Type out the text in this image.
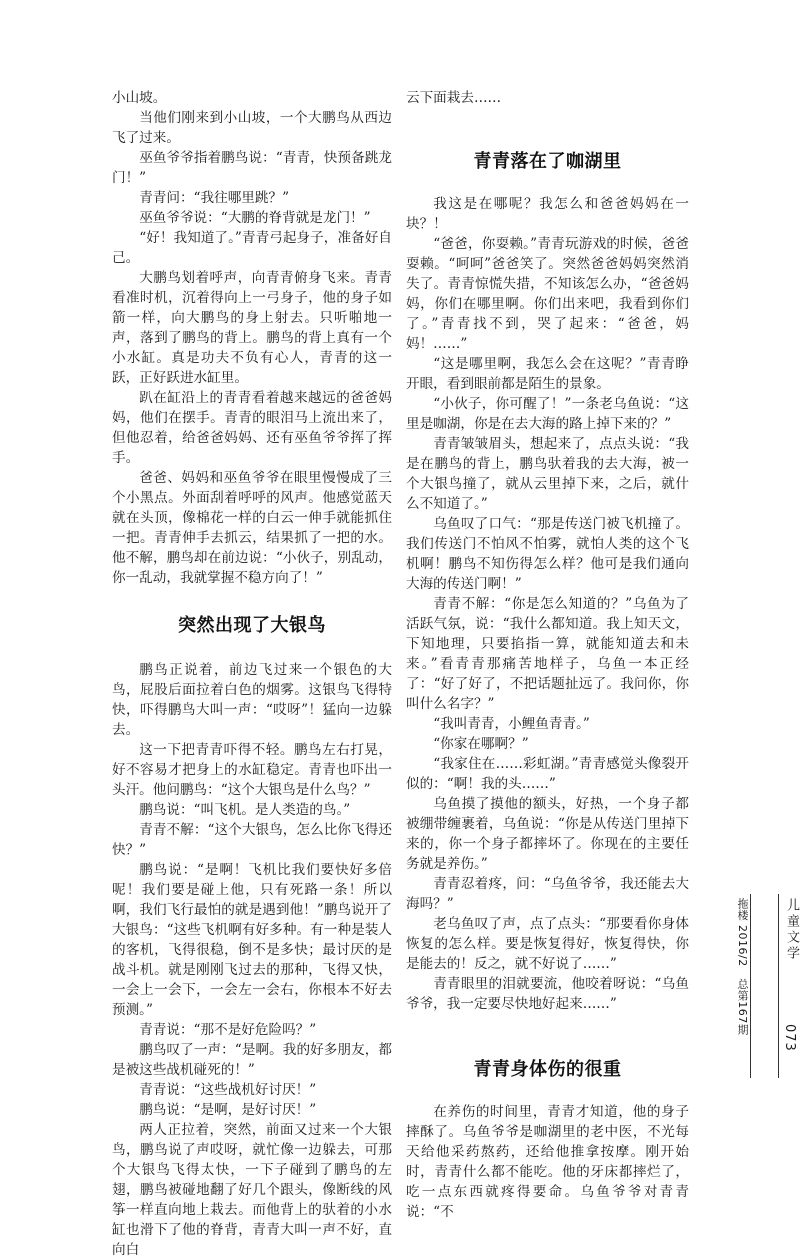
小山坡。

当他们刚来到小山坡，一个大鹏鸟从西边飞了过来。

巫鱼爷爷指着鹏鸟说：“青青，快预备跳龙门！”

青青问：“我往哪里跳？”

巫鱼爷爷说：“大鹏的脊背就是龙门！”

“好！我知道了。”青青弓起身子，准备好自己。

大鹏鸟划着呼声，向青青俯身飞来。青青看准时机，沉着得向上一弓身子，他的身子如箭一样，向大鹏鸟的身上射去。只听啪地一声，落到了鹏鸟的背上。鹏鸟的背上真有一个小水缸。真是功夫不负有心人，青青的这一跃，正好跃进水缸里。

趴在缸沿上的青青看着越来越远的爸爸妈妈，他们在摆手。青青的眼泪马上流出来了，但他忍着，给爸爸妈妈、还有巫鱼爷爷挥了挥手。

爸爸、妈妈和巫鱼爷爷在眼里慢慢成了三个小黑点。外面刮着呼呼的风声。他感觉蓝天就在头顶，像棉花一样的白云一伸手就能抓住一把。青青伸手去抓云，结果抓了一把的水。他不解，鹏鸟却在前边说：“小伙子，别乱动，你一乱动，我就掌握不稳方向了！”

突然出现了大银鸟

鹏鸟正说着，前边飞过来一个银色的大鸟，屁股后面拉着白色的烟雾。这银鸟飞得特快，吓得鹏鸟大叫一声：“哎呀”！猛向一边躲去。

这一下把青青吓得不轻。鹏鸟左右打晃，好不容易才把身上的水缸稳定。青青也吓出一头汗。他问鹏鸟：“这个大银鸟是什么鸟？”

鹏鸟说：“叫飞机。是人类造的鸟。”

青青不解：“这个大银鸟，怎么比你飞得还快？”

鹏鸟说：“是啊！飞机比我们要快好多倍呢！我们要是碰上他，只有死路一条！所以啊，我们飞行最怕的就是遇到他！”鹏鸟说开了大银鸟：“这些飞机啊有好多种。有一种是装人的客机，飞得很稳，倒不是多快；最讨厌的是战斗机。就是刚刚飞过去的那种，飞得又快，一会上一会下，一会左一会右，你根本不好去预测。”

青青说：“那不是好危险吗？”

鹏鸟叹了一声：“是啊。我的好多朋友，都是被这些战机碰死的！”

青青说：“这些战机好讨厌！”

鹏鸟说：“是啊，是好讨厌！”

两人正拉着，突然，前面又过来一个大银鸟，鹏鸟说了声哎呀，就忙像一边躲去，可那个大银鸟飞得太快，一下子碰到了鹏鸟的左翅，鹏鸟被碰地翻了好几个跟头，像断线的风筝一样直向地上栽去。而他背上的驮着的小水缸也滑下了他的脊背，青青大叫一声不好，直向白

云下面栽去……

青青落在了咖湖里

我这是在哪呢？我怎么和爸爸妈妈在一块？！

“爸爸，你耍赖。”青青玩游戏的时候，爸爸耍赖。“呵呵”爸爸笑了。突然爸爸妈妈突然消失了。青青惊慌失措，不知该怎么办，“爸爸妈妈，你们在哪里啊。你们出来吧，我看到你们了。”青青找不到，哭了起来：“爸爸，妈妈！……”

“这是哪里啊，我怎么会在这呢？”青青睁开眼，看到眼前都是陌生的景象。

“小伙子，你可醒了！”一条老乌鱼说：“这里是咖湖，你是在去大海的路上掉下来的？”

青青皱皱眉头，想起来了，点点头说：“我是在鹏鸟的背上，鹏鸟驮着我的去大海，被一个大银鸟撞了，就从云里掉下来，之后，就什么不知道了。”

乌鱼叹了口气：“那是传送门被飞机撞了。我们传送门不怕风不怕雾，就怕人类的这个飞机啊！鹏鸟不知伤得怎么样？他可是我们通向大海的传送门啊！”

青青不解：“你是怎么知道的？”乌鱼为了活跃气氛，说：“我什么都知道。我上知天文，下知地理，只要掐指一算，就能知道去和未来。”看青青那痛苦地样子，乌鱼一本正经了：“好了好了，不把话题扯远了。我问你，你叫什么名字？”

“我叫青青，小鲤鱼青青。”

“你家在哪啊？”

“我家住在……彩虹湖。”青青感觉头像裂开似的：“啊！我的头……”

乌鱼摸了摸他的额头，好热，一个身子都被绷带缠裹着，乌鱼说：“你是从传送门里掉下来的，你一个身子都摔坏了。你现在的主要任务就是养伤。”

青青忍着疼，问：“乌鱼爷爷，我还能去大海吗？”

老乌鱼叹了声，点了点头：“那要看你身体恢复的怎么样。要是恢复得好，恢复得快，你是能去的！反之，就不好说了……”

青青眼里的泪就要流，他咬着呀说：“乌鱼爷爷，我一定要尽快地好起来……”

青青身体伤的很重

在养伤的时间里，青青才知道，他的身子摔酥了。乌鱼爷爷是咖湖里的老中医，不光每天给他采药熬药，还给他推拿按摩。刚开始时，青青什么都不能吃。他的牙床都摔烂了，吃一点东西就疼得要命。乌鱼爷爷对青青说：“不

拖楼 2016/2　总第167期	儿童文学
073
